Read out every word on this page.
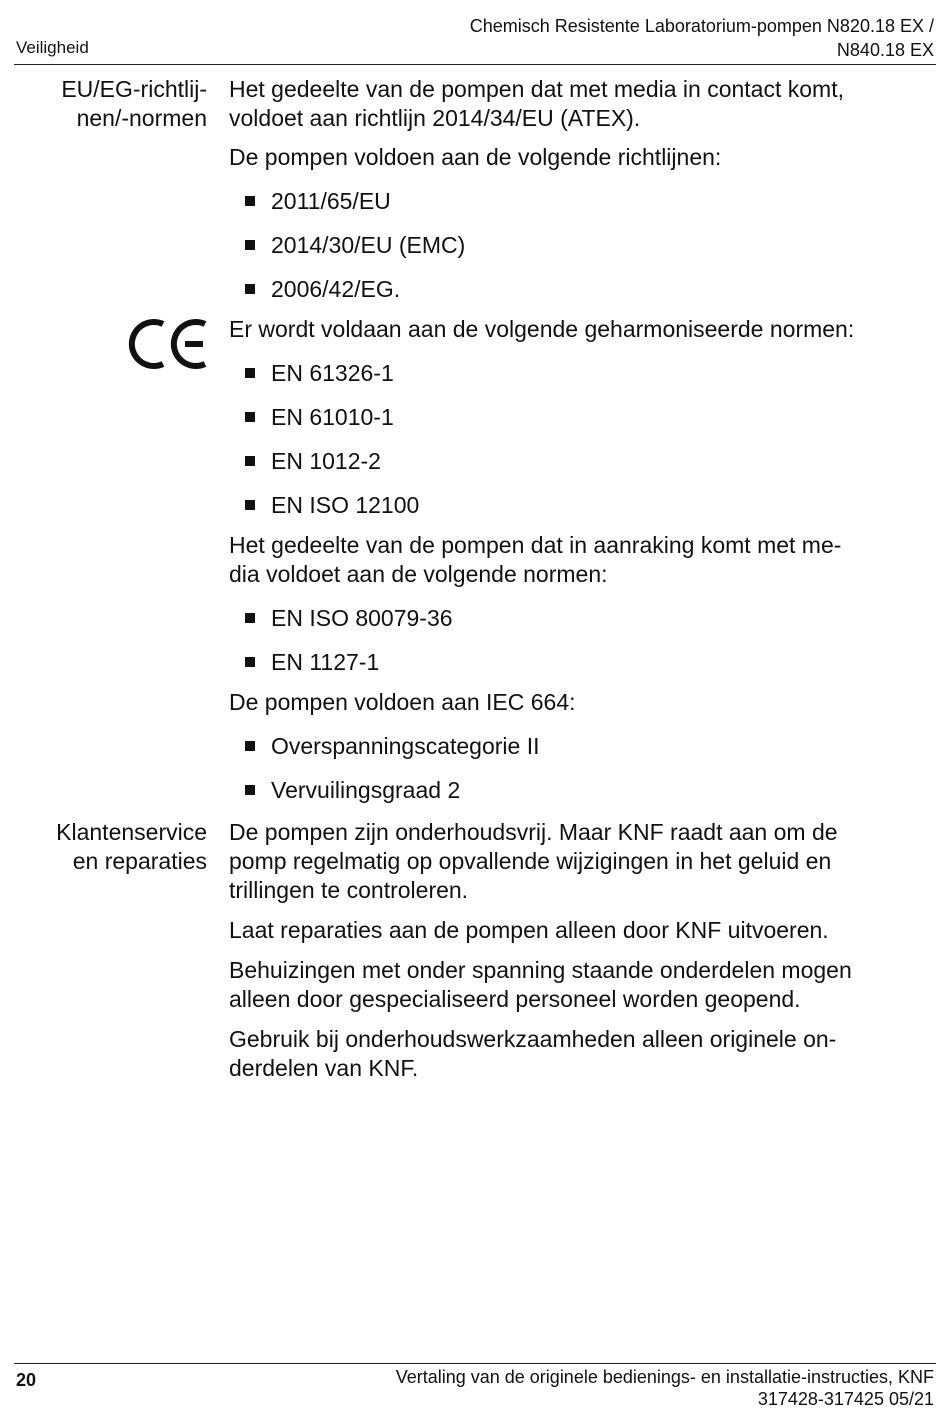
Veiligheid
Chemisch Resistente Laboratorium-pompen N820.18 EX /
N840.18 EX
EU/EG-richtlij-
nen/-normen

Het gedeelte van de pompen dat met media in contact komt,
voldoet aan richtlijn 2014/34/EU (ATEX).

De pompen voldoen aan de volgende richtlijnen:

2011/65/EU
2014/30/EU (EMC)
2006/42/EG.

Er wordt voldaan aan de volgende geharmoniseerde normen:

EN 61326-1
EN 61010-1
EN 1012-2
EN ISO 12100

Het gedeelte van de pompen dat in aanraking komt met me-
dia voldoet aan de volgende normen:

EN ISO 80079-36
EN 1127-1

De pompen voldoen aan IEC 664:

Overspanningscategorie II
Vervuilingsgraad 2
Klantenservice
en reparaties

De pompen zijn onderhoudsvrij. Maar KNF raadt aan om de
pomp regelmatig op opvallende wijzigingen in het geluid en
trillingen te controleren.

Laat reparaties aan de pompen alleen door KNF uitvoeren.

Behuizingen met onder spanning staande onderdelen mogen
alleen door gespecialiseerd personeel worden geopend.

Gebruik bij onderhoudswerkzaamheden alleen originele on-
derdelen van KNF.

20	Vertaling van de originele bedienings- en installatie-instructies, KNF
317428-317425 05/21
